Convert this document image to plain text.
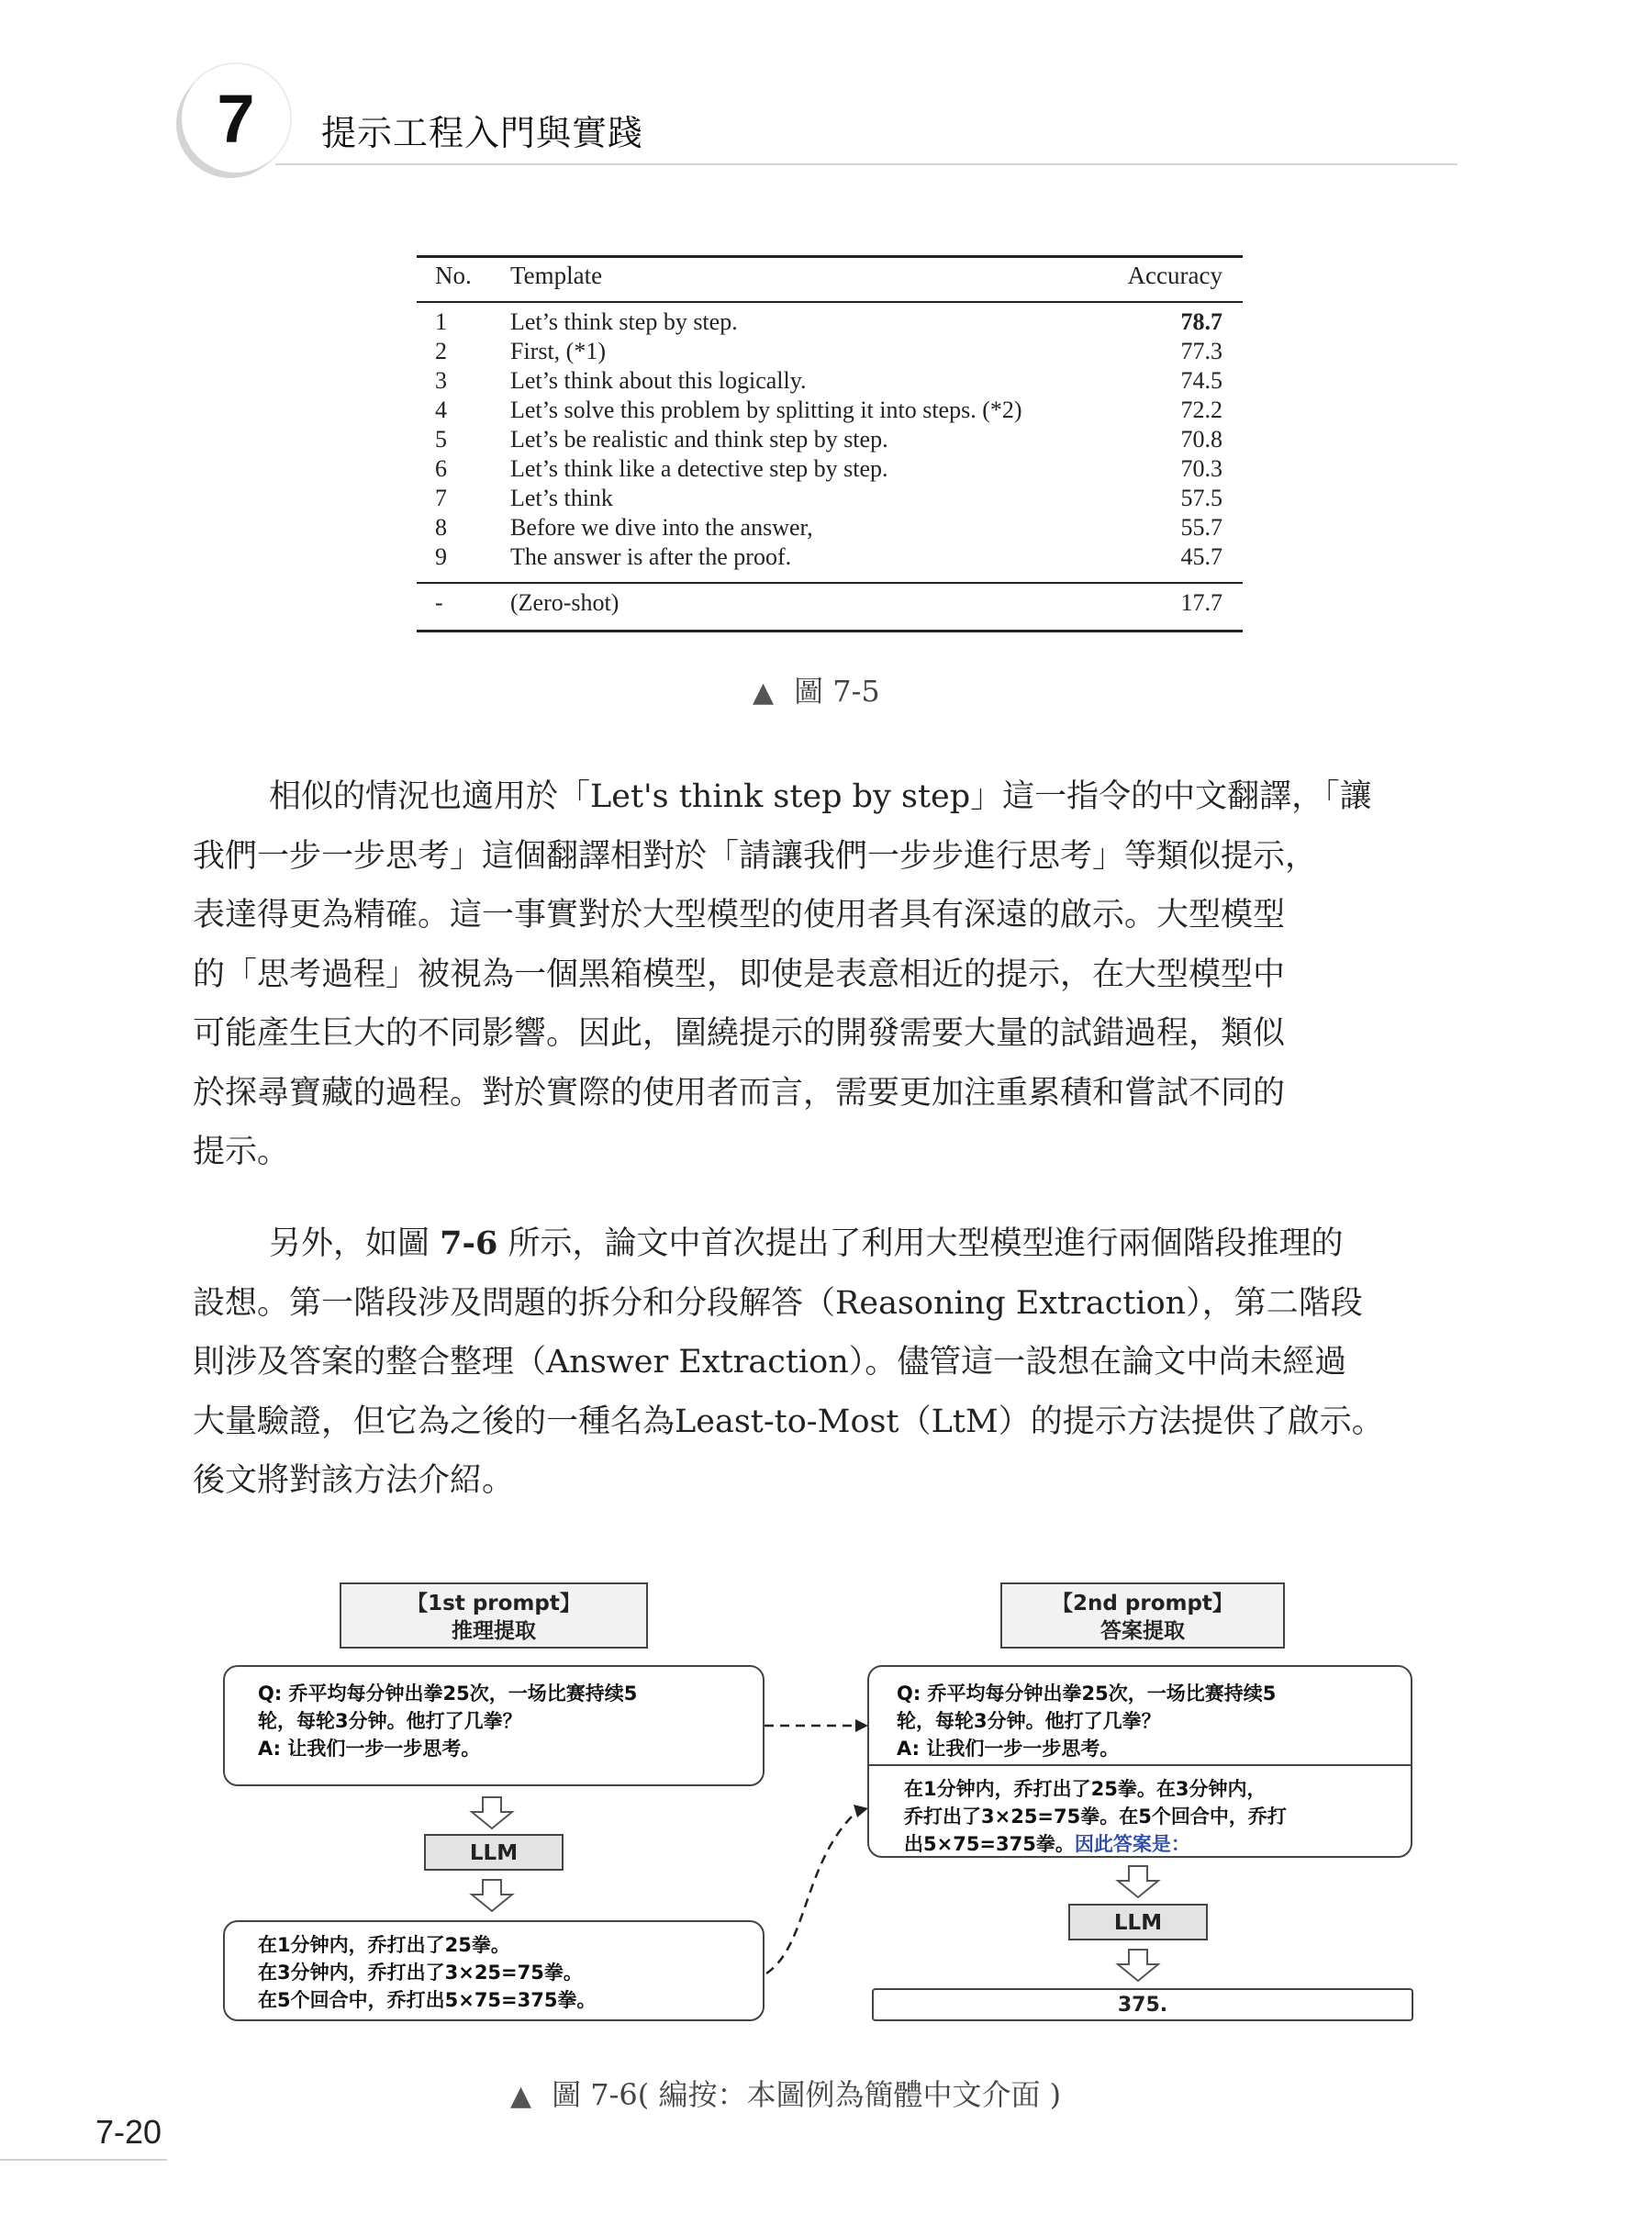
7 提示工程入門與實踐
No. Template	Accuracy
1	Let’s think step by step.	78.7
2	First, (*1)	77.3
3	Let’s think about this logically.	74.5
4	Let’s solve this problem by splitting it into steps. (*2)	72.2
5	Let’s be realistic and think step by step.	70.8
6	Let’s think like a detective step by step.	70.3
7	Let’s think	57.5
8	Before we dive into the answer,	55.7
9	The answer is after the proof.	45.7
-	(Zero-shot)	17.7
▲ 圖 7-5
相似的情況也適用於「Let's think step by step」這一指令的中文翻譯，「讓
我們一步一步思考」這個翻譯相對於「請讓我們一步步進行思考」等類似提示，
表達得更為精確。這一事實對於大型模型的使用者具有深遠的啟示。大型模型
的「思考過程」被視為一個黑箱模型，即使是表意相近的提示，在大型模型中
可能產生巨大的不同影響。因此，圍繞提示的開發需要大量的試錯過程，類似
於探尋寶藏的過程。對於實際的使用者而言，需要更加注重累積和嘗試不同的
提示。
另外，如圖 7-6 所示，論文中首次提出了利用大型模型進行兩個階段推理的
設想。第一階段涉及問題的拆分和分段解答（Reasoning Extraction），第二階段
則涉及答案的整合整理（Answer Extraction）。儘管這一設想在論文中尚未經過
大量驗證，但它為之後的一種名為Least-to-Most（LtM）的提示方法提供了啟示。
後文將對該方法介紹。
【1st prompt】
推理提取
Q: 乔平均每分钟出拳25次，一场比赛持续5
轮，每轮3分钟。他打了几拳？
A: 让我们一步一步思考。
LLM
在1分钟内，乔打出了25拳。
在3分钟内，乔打出了3×25=75拳。
在5个回合中，乔打出5×75=375拳。
【2nd prompt】
答案提取
Q: 乔平均每分钟出拳25次，一场比赛持续5
轮，每轮3分钟。他打了几拳？
A: 让我们一步一步思考。
在1分钟内，乔打出了25拳。在3分钟内，
乔打出了3×25=75拳。在5个回合中，乔打
出5×75=375拳。因此答案是：
LLM
375.
▲ 圖 7-6( 編按：本圖例為簡體中文介面 )
7-20
